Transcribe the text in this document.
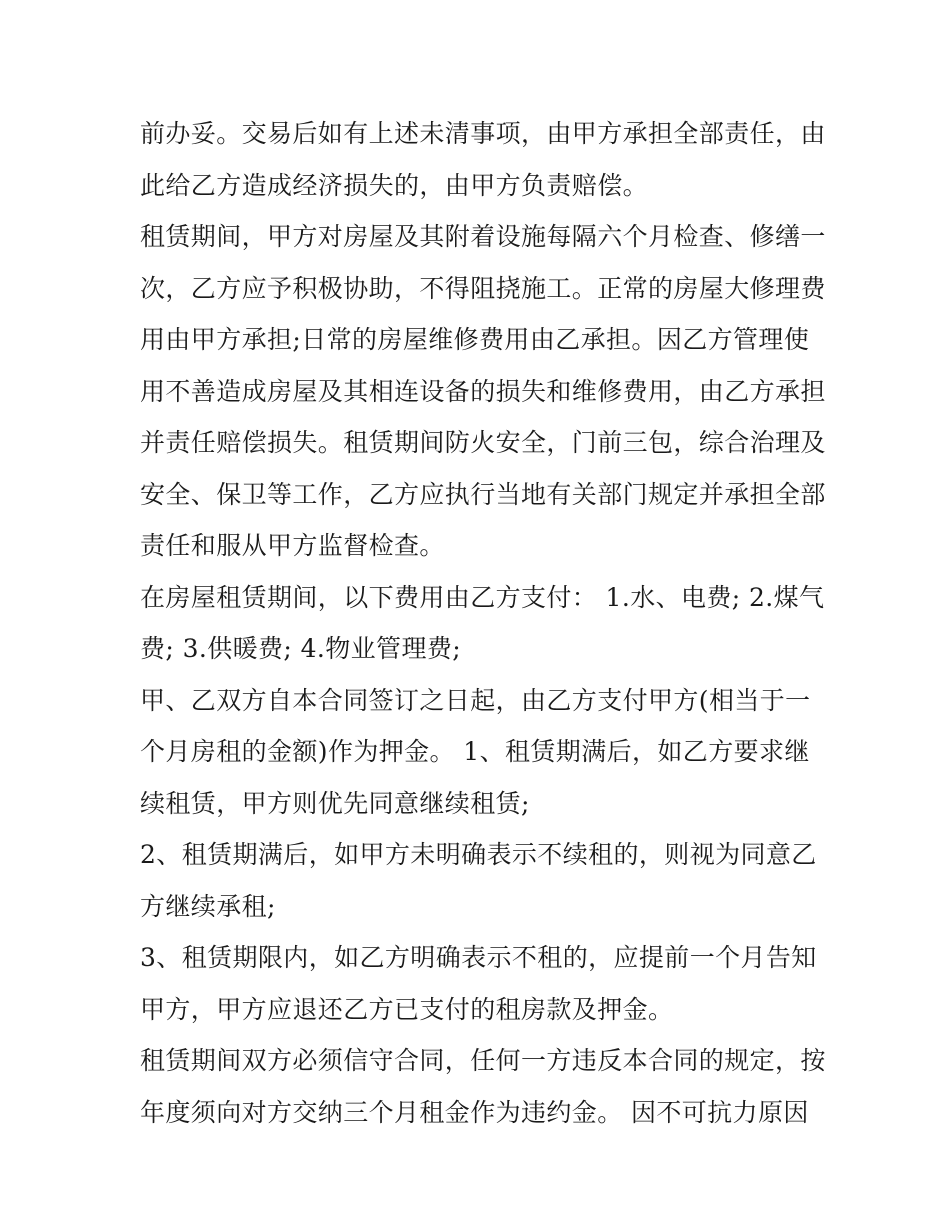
前办妥。交易后如有上述未清事项，由甲方承担全部责任，由
此给乙方造成经济损失的，由甲方负责赔偿。
租赁期间，甲方对房屋及其附着设施每隔六个月检查、修缮一
次，乙方应予积极协助，不得阻挠施工。正常的房屋大修理费
用由甲方承担;日常的房屋维修费用由乙承担。因乙方管理使
用不善造成房屋及其相连设备的损失和维修费用，由乙方承担
并责任赔偿损失。租赁期间防火安全，门前三包，综合治理及
安全、保卫等工作，乙方应执行当地有关部门规定并承担全部
责任和服从甲方监督检查。
在房屋租赁期间，以下费用由乙方支付： 1.水、电费; 2.煤气
费; 3.供暖费; 4.物业管理费;
甲、乙双方自本合同签订之日起，由乙方支付甲方(相当于一
个月房租的金额)作为押金。 1、租赁期满后，如乙方要求继
续租赁，甲方则优先同意继续租赁;
2、租赁期满后，如甲方未明确表示不续租的，则视为同意乙
方继续承租;
3、租赁期限内，如乙方明确表示不租的，应提前一个月告知
甲方，甲方应退还乙方已支付的租房款及押金。
租赁期间双方必须信守合同，任何一方违反本合同的规定，按
年度须向对方交纳三个月租金作为违约金。 因不可抗力原因
